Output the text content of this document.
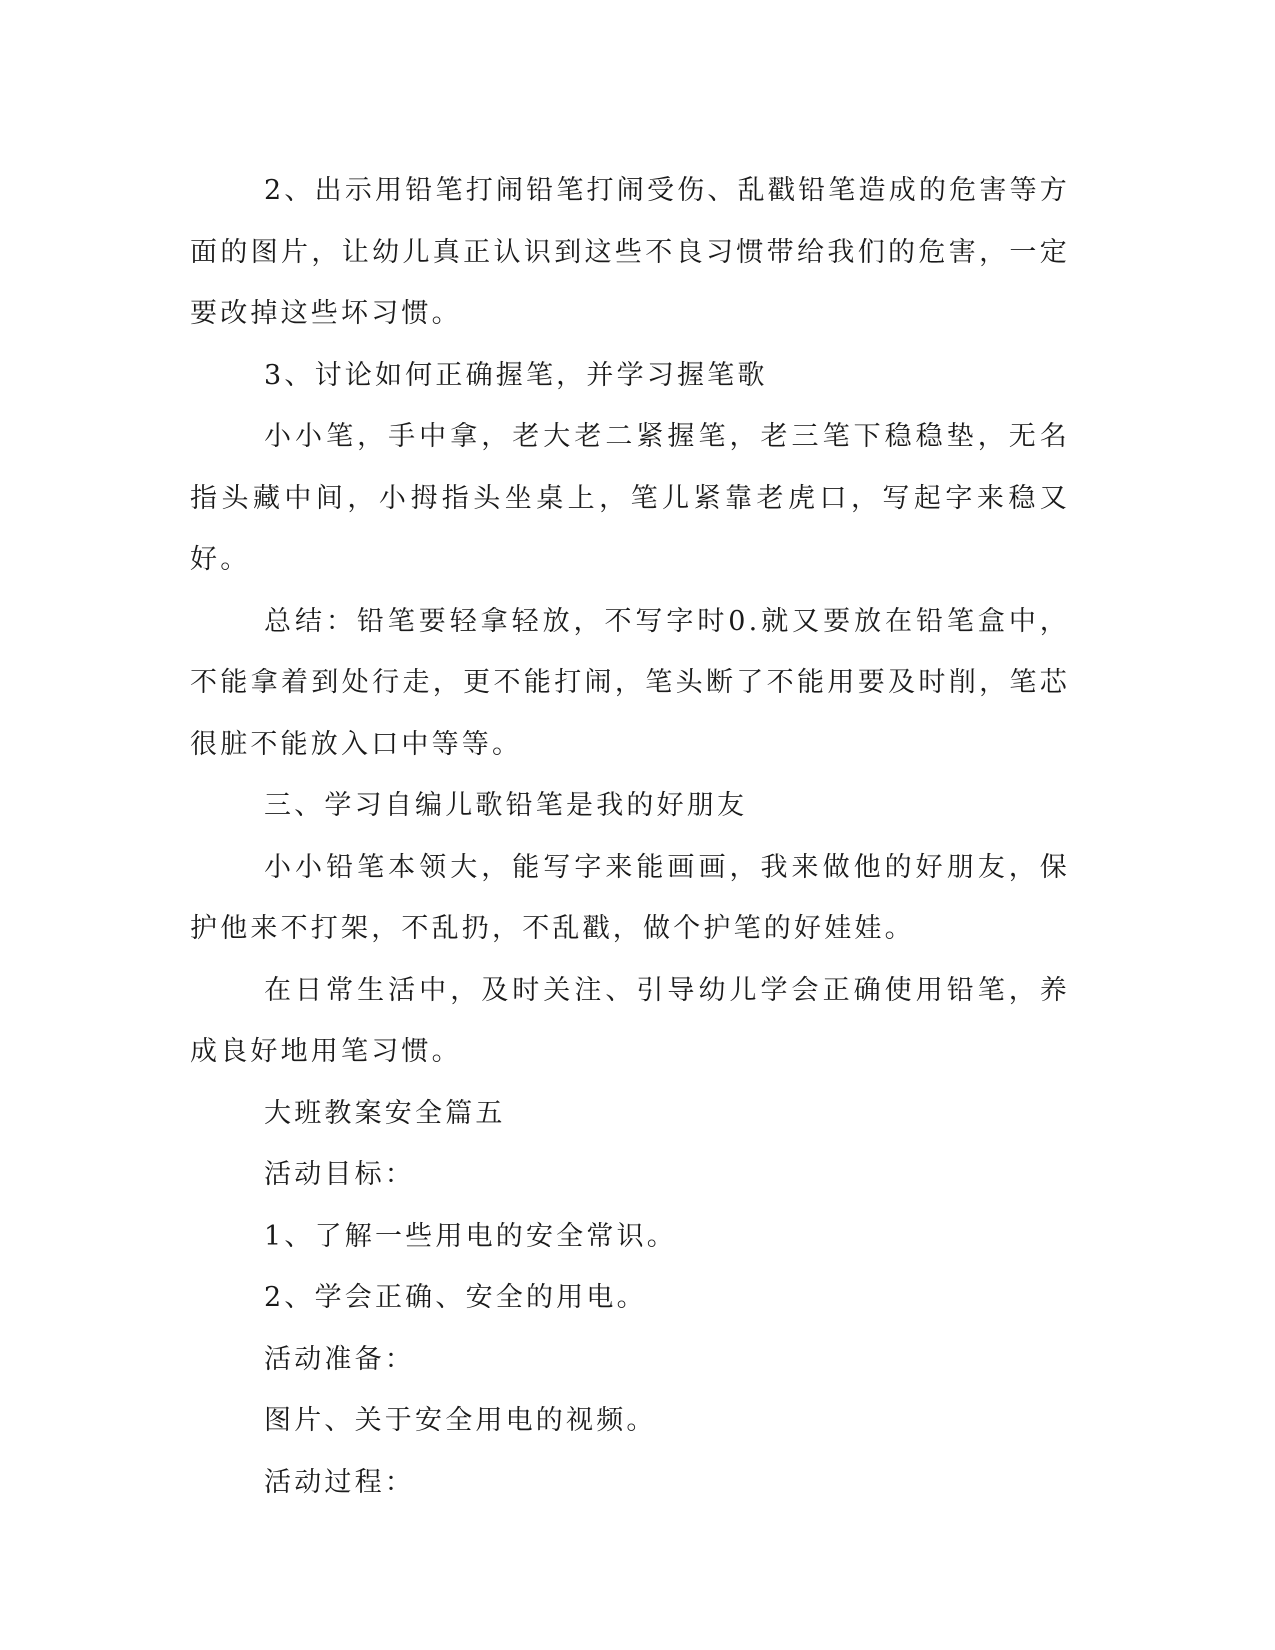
2、出示用铅笔打闹铅笔打闹受伤、乱戳铅笔造成的危害等方面的图片，让幼儿真正认识到这些不良习惯带给我们的危害，一定要改掉这些坏习惯。

3、讨论如何正确握笔，并学习握笔歌

小小笔，手中拿，老大老二紧握笔，老三笔下稳稳垫，无名指头藏中间，小拇指头坐桌上，笔儿紧靠老虎口，写起字来稳又好。

总结：铅笔要轻拿轻放，不写字时0.就又要放在铅笔盒中，不能拿着到处行走，更不能打闹，笔头断了不能用要及时削，笔芯很脏不能放入口中等等。

三、学习自编儿歌铅笔是我的好朋友

小小铅笔本领大，能写字来能画画，我来做他的好朋友，保护他来不打架，不乱扔，不乱戳，做个护笔的好娃娃。

在日常生活中，及时关注、引导幼儿学会正确使用铅笔，养成良好地用笔习惯。

大班教案安全篇五

活动目标：

1、了解一些用电的安全常识。

2、学会正确、安全的用电。

活动准备：

图片、关于安全用电的视频。

活动过程：
